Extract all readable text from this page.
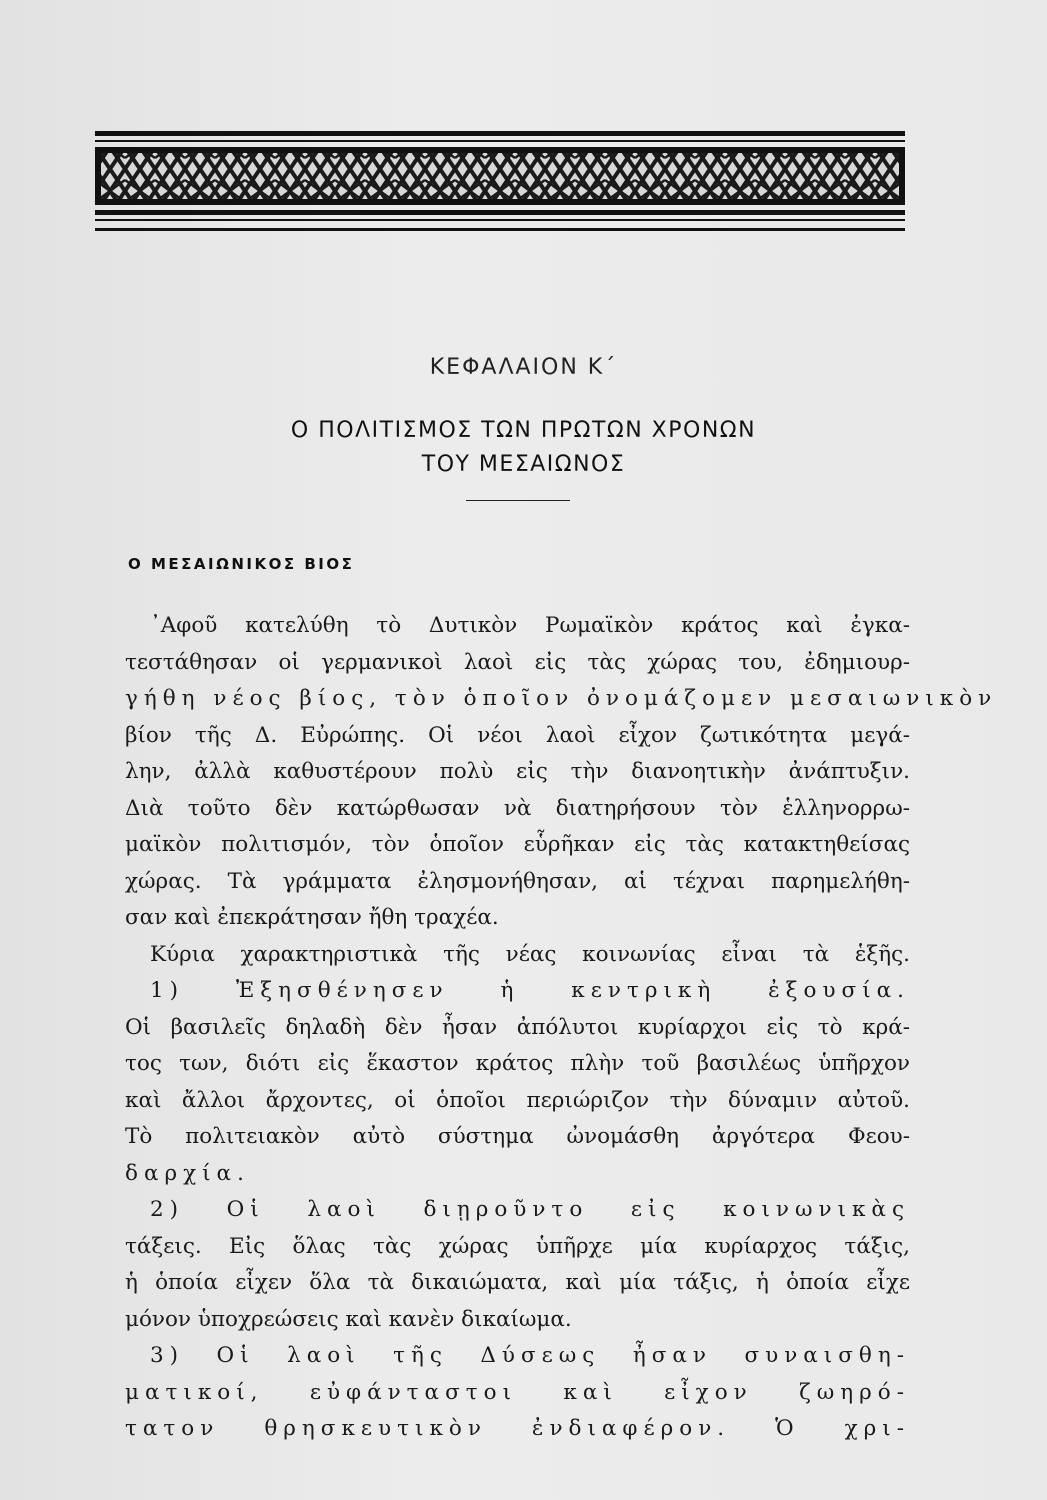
ΚΕΦΑΛΑΙΟΝ Κ΄
Ο ΠΟΛΙΤΙΣΜΟΣ ΤΩΝ ΠΡΩΤΩΝ ΧΡΟΝΩΝ
ΤΟΥ ΜΕΣΑΙΩΝΟΣ
Ο ΜΕΣΑΙΩΝΙΚΟΣ ΒΙΟΣ
᾿Αφοῦ κατελύθη τὸ Δυτικὸν Ρωμαϊκὸν κράτος καὶ ἐγκα-
τεστάθησαν οἱ γερμανικοὶ λαοὶ εἰς τὰς χώρας του, ἐδημιουρ-
γήθη νέος βίος, τὸν ὁποῖον ὀνομάζομεν μεσαιωνικὸν
βίον τῆς Δ. Εὐρώπης. Οἱ νέοι λαοὶ εἶχον ζωτικότητα μεγά-
λην, ἀλλὰ καθυστέρουν πολὺ εἰς τὴν διανοητικὴν ἀνάπτυξιν.
Διὰ τοῦτο δὲν κατώρθωσαν νὰ διατηρήσουν τὸν ἑλληνορρω-
μαϊκὸν πολιτισμόν, τὸν ὁποῖον εὗρῆκαν εἰς τὰς κατακτηθείσας
χώρας. Τὰ γράμματα ἐλησμονήθησαν, αἱ τέχναι παρημελήθη-
σαν καὶ ἐπεκράτησαν ἤθη τραχέα.
Κύρια χαρακτηριστικὰ τῆς νέας κοινωνίας εἶναι τὰ ἑξῆς.
1) Ἐξησθένησεν ἡ κεντρικὴ ἐξουσία.
Οἱ βασιλεῖς δηλαδὴ δὲν ἦσαν ἀπόλυτοι κυρίαρχοι εἰς τὸ κρά-
τος των, διότι εἰς ἕκαστον κράτος πλὴν τοῦ βασιλέως ὑπῆρχον
καὶ ἄλλοι ἄρχοντες, οἱ ὁποῖοι περιώριζον τὴν δύναμιν αὐτοῦ.
Τὸ πολιτειακὸν αὐτὸ σύστημα ὠνομάσθη ἀργότερα Φεου-
δαρχία.
2) Οἱ λαοὶ διῃροῦντο εἰς κοινωνικὰς
τάξεις. Εἰς ὅλας τὰς χώρας ὑπῆρχε μία κυρίαρχος τάξις,
ἡ ὁποία εἶχεν ὅλα τὰ δικαιώματα, καὶ μία τάξις, ἡ ὁποία εἶχε
μόνον ὑποχρεώσεις καὶ κανὲν δικαίωμα.
3) Οἱ λαοὶ τῆς Δύσεως ἦσαν συναισθη-
ματικοί, εὐφάνταστοι καὶ εἶχον ζωηρό-
τατον θρησκευτικὸν ἐνδιαφέρον. Ὁ χρι-
